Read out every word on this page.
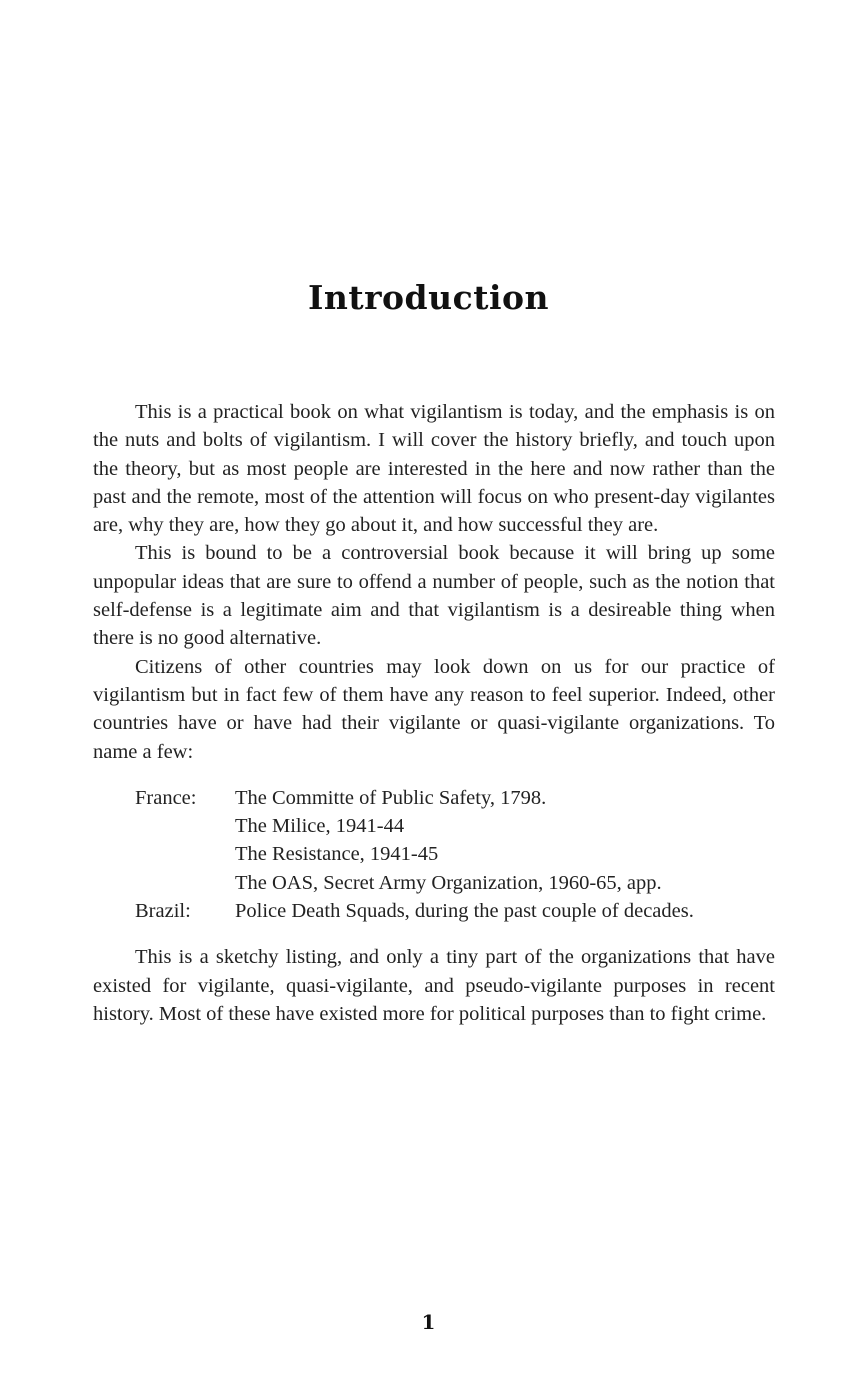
Introduction

This is a practical book on what vigilantism is today, and the emphasis is on the nuts and bolts of vigilantism. I will cover the history briefly, and touch upon the theory, but as most people are interested in the here and now rather than the past and the remote, most of the attention will focus on who present-day vigilantes are, why they are, how they go about it, and how successful they are.

This is bound to be a controversial book because it will bring up some unpopular ideas that are sure to offend a number of people, such as the notion that self-defense is a legitimate aim and that vigilantism is a desireable thing when there is no good alternative.

Citizens of other countries may look down on us for our practice of vigilantism but in fact few of them have any reason to feel superior. Indeed, other countries have or have had their vigilante or quasi-vigilante organizations. To name a few:

France:	The Committe of Public Safety, 1798.
The Milice, 1941-44
The Resistance, 1941-45
The OAS, Secret Army Organization, 1960-65, app.
Brazil:	Police Death Squads, during the past couple of decades.

This is a sketchy listing, and only a tiny part of the organizations that have existed for vigilante, quasi-vigilante, and pseudo-vigilante purposes in recent history. Most of these have existed more for political purposes than to fight crime.

1
